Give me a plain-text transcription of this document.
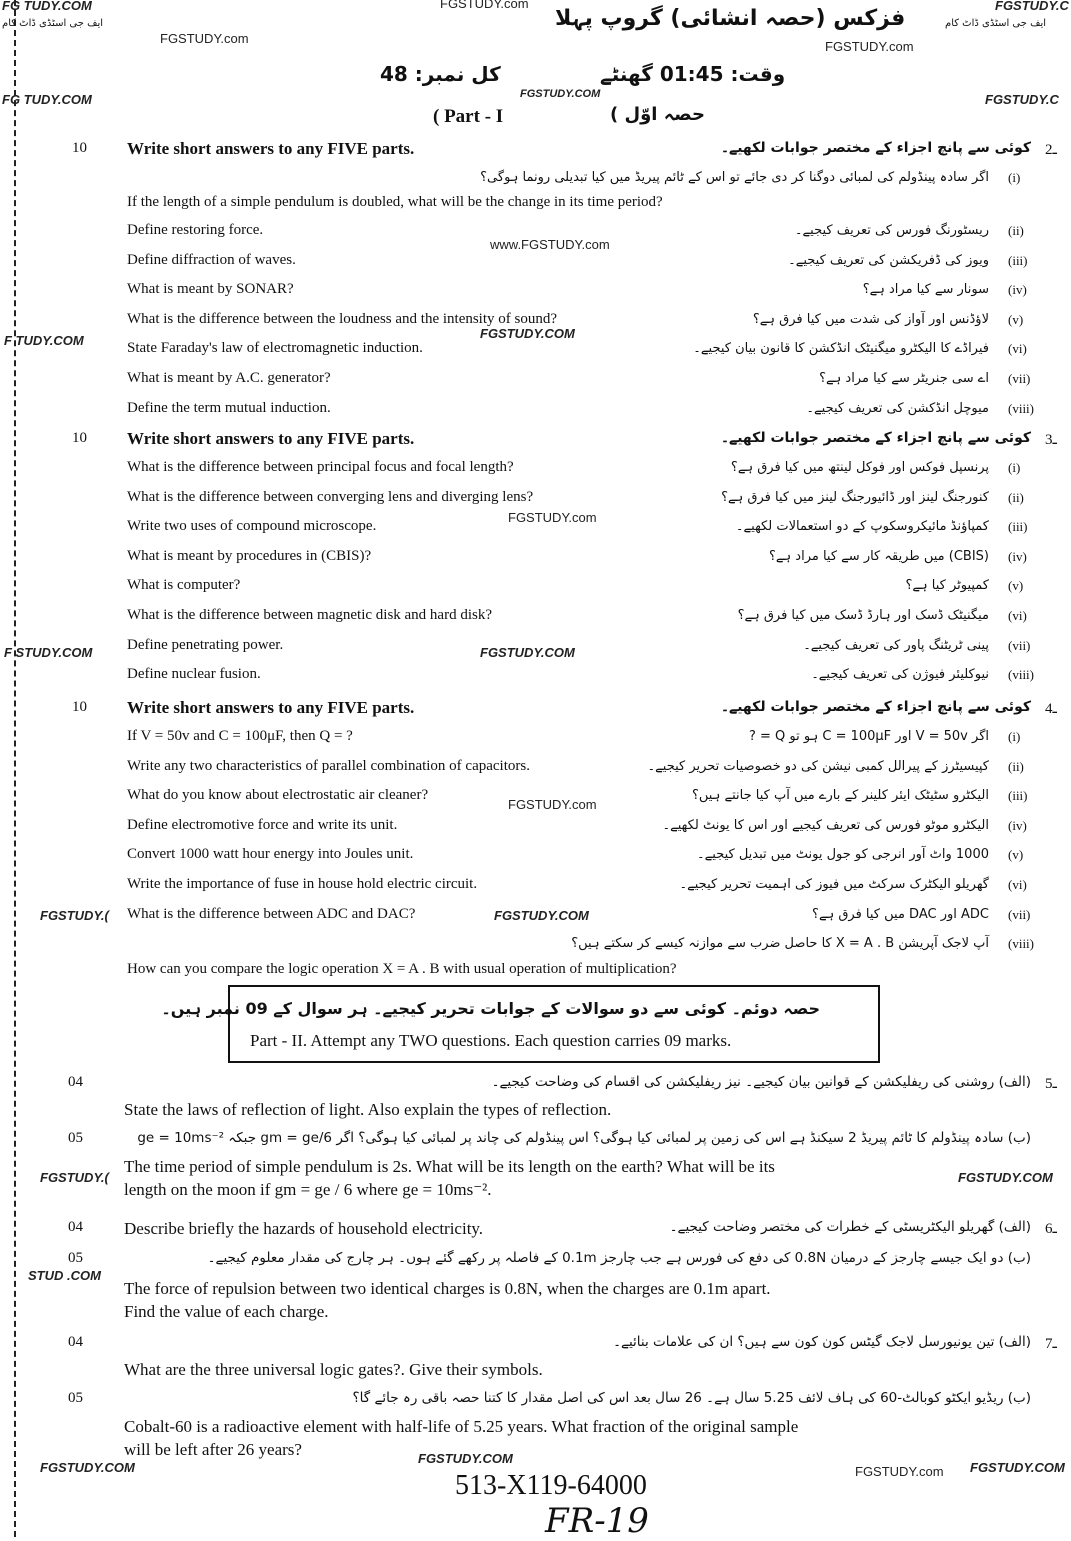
فزکس (حصہ انشائی) گروپ پہلا
وقت: 01:45 گھنٹے
کل نمبر: 48
( Part - I	حصہ اوّل )
FG TUDY.COM	FGSTUDY.com	FGSTUDY.C
ایف جی اسٹڈی ڈاٹ کام	ایف جی اسٹڈی ڈاٹ کام
FGSTUDY.com
FGSTUDY.com
FG TUDY.COM	FGSTUDY.COM	FGSTUDY.C
www.FGSTUDY.com
F TUDY.COM	FGSTUDY.COM
FGSTUDY.com
F STUDY.COM	FGSTUDY.COM
FGSTUDY.com
FGSTUDY.(	FGSTUDY.COM
FGSTUDY.(	FGSTUDY.COM
STUD .COM
FGSTUDY.COM
FGSTUDY.COM
FGSTUDY.com FGSTUDY.COM
10 Write short answers to any FIVE parts.	کوئی سے پانچ اجزاء کے مختصر جوابات لکھیے۔ 2ـ
If the length of a simple pendulum is doubled, what will be the change in its time period?
اگر سادہ پینڈولم کی لمبائی دوگنا کر دی جائے تو اس کے ٹائم پیریڈ میں کیا تبدیلی رونما ہوگی؟ (i)
Define restoring force.	ریسٹورنگ فورس کی تعریف کیجیے۔ (ii)
Define diffraction of waves.	ویوز کی ڈفریکشن کی تعریف کیجیے۔ (iii)
What is meant by SONAR?	سونار سے کیا مراد ہے؟ (iv)
What is the difference between the loudness and the intensity of sound?	لاؤڈنس اور آواز کی شدت میں کیا فرق ہے؟ (v)
State Faraday's law of electromagnetic induction.	فیراڈے کا الیکٹرو میگنیٹک انڈکشن کا قانون بیان کیجیے۔ (vi)
What is meant by A.C. generator?	اے سی جنریٹر سے کیا مراد ہے؟ (vii)
Define the term mutual induction.	میوچل انڈکشن کی تعریف کیجیے۔ (viii)
10 Write short answers to any FIVE parts.	کوئی سے پانچ اجزاء کے مختصر جوابات لکھیے۔ 3ـ
What is the difference between principal focus and focal length?	پرنسپل فوکس اور فوکل لینتھ میں کیا فرق ہے؟ (i)
What is the difference between converging lens and diverging lens?	کنورجنگ لینز اور ڈائیورجنگ لینز میں کیا فرق ہے؟ (ii)
Write two uses of compound microscope.	کمپاؤنڈ مائیکروسکوپ کے دو استعمالات لکھیے۔ (iii)
What is meant by procedures in (CBIS)?	(CBIS) میں طریقہ کار سے کیا مراد ہے؟ (iv)
What is computer?	کمپیوٹر کیا ہے؟ (v)
What is the difference between magnetic disk and hard disk?	میگنیٹک ڈسک اور ہارڈ ڈسک میں کیا فرق ہے؟ (vi)
Define penetrating power.	پینی ٹریٹنگ پاور کی تعریف کیجیے۔ (vii)
Define nuclear fusion.	نیوکلیئر فیوژن کی تعریف کیجیے۔ (viii)
10 Write short answers to any FIVE parts.	کوئی سے پانچ اجزاء کے مختصر جوابات لکھیے۔ 4ـ
If V = 50v and C = 100μF, then Q = ?	اگر V = 50v اور C = 100μF ہو تو Q = ? (i)
Write any two characteristics of parallel combination of capacitors.	کپیسیٹرز کے پیرالل کمبی نیشن کی دو خصوصیات تحریر کیجیے۔ (ii)
What do you know about electrostatic air cleaner?	الیکٹرو سٹیٹک ایئر کلینر کے بارے میں آپ کیا جانتے ہیں؟ (iii)
Define electromotive force and write its unit.	الیکٹرو موٹو فورس کی تعریف کیجیے اور اس کا یونٹ لکھیے۔ (iv)
Convert 1000 watt hour energy into Joules unit.	1000 واٹ آور انرجی کو جول یونٹ میں تبدیل کیجیے۔ (v)
Write the importance of fuse in house hold electric circuit.	گھریلو الیکٹرک سرکٹ میں فیوز کی اہمیت تحریر کیجیے۔ (vi)
What is the difference between ADC and DAC?	ADC اور DAC میں کیا فرق ہے؟ (vii)
How can you compare the logic operation X = A . B with usual operation of multiplication?
آپ لاجک آپریشن X = A . B کا حاصل ضرب سے موازنہ کیسے کر سکتے ہیں؟ (viii)
حصہ دوئم۔ کوئی سے دو سوالات کے جوابات تحریر کیجیے۔ ہر سوال کے 09 نمبر ہیں۔
Part - II. Attempt any TWO questions. Each question carries 09 marks.
5ـ
04	(الف) روشنی کی ریفلیکشن کے قوانین بیان کیجیے۔ نیز ریفلیکشن کی اقسام کی وضاحت کیجیے۔
State the laws of reflection of light. Also explain the types of reflection.
05	(ب) سادہ پینڈولم کا ٹائم پیریڈ 2 سیکنڈ ہے اس کی زمین پر لمبائی کیا ہوگی؟ اس پینڈولم کی چاند پر لمبائی کیا ہوگی؟ اگر gm = ge/6 جبکہ ge = 10ms⁻²
The time period of simple pendulum is 2s. What will be its length on the earth? What will be its
length on the moon if gm = ge / 6 where ge = 10ms⁻².
6ـ
04	(الف) گھریلو الیکٹریسٹی کے خطرات کی مختصر وضاحت کیجیے۔
Describe briefly the hazards of household electricity.
05	(ب) دو ایک جیسے چارجز کے درمیان 0.8N کی دفع کی فورس ہے جب چارجز 0.1m کے فاصلہ پر رکھے گئے ہوں۔ ہر چارج کی مقدار معلوم کیجیے۔
The force of repulsion between two identical charges is 0.8N, when the charges are 0.1m apart.
Find the value of each charge.
7ـ
04	(الف) تین یونیورسل لاجک گیٹس کون کون سے ہیں؟ ان کی علامات بنائیے۔
What are the three universal logic gates?. Give their symbols.
05	(ب) ریڈیو ایکٹو کوبالٹ-60 کی ہاف لائف 5.25 سال ہے۔ 26 سال بعد اس کی اصل مقدار کا کتنا حصہ باقی رہ جائے گا؟
Cobalt-60 is a radioactive element with half-life of 5.25 years. What fraction of the original sample
will be left after 26 years?
513-X119-64000
FR-19
